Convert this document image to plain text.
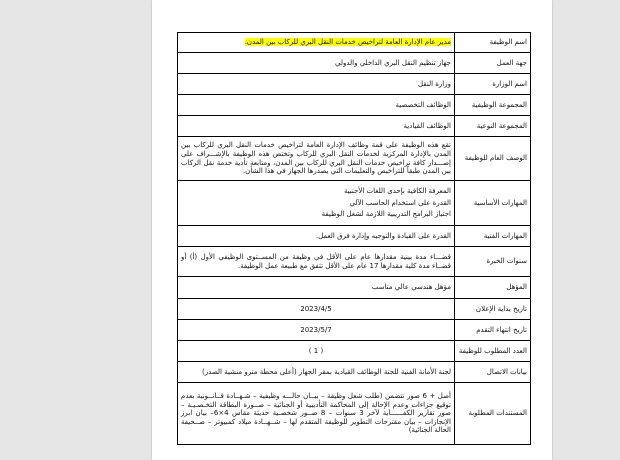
اسم الوظيفة	مدير عام الإدارة العامة لتراخيص خدمات النقل البري للركاب بين المدن.
جهة العمل	جهاز تنظيم النقل البري الداخلي والدولي
اسم الوزارة	وزارة النقل
المجموعة الوظيفية	الوظائف التخصصية
المجموعة النوعية	الوظائف القيادية
الوصف العام للوظيفة	تقع هذه الوظيفة على قمة وظائف الإدارة العامة لتراخيص خدمات النقل البري للركاب بين المدن بالإدارة المركزية لخدمات النقل البري للركاب وتختص هذه الوظيفة بالإشـــراف على إصـــدار كافة تراخيص خدمات النقل البري للركاب بين المدن، ومتابعة تأدية خدمة نقل الركاب بين المدن طبقاً للتراخيص والتعليمات التي يصدرها الجهاز في هذا الشأن.
المهارات الأساسية	المعرفة الكافية بإحدى اللغات الأجنبية
القدرة على استخدام الحاسب الآلي
اجتياز البرامج التدريبية اللازمة لشغل الوظيفة

المهارات الفنية	القدرة على القيادة والتوجيه وإدارة فرق العمل.
سنوات الخبرة	قضـــاء مدة بينية مقدارها عام على الأقل في وظيفة من المســتوى الوظيفي الأول (أ) أو قضــاء مدة كلية مقدارها 17 عام على الأقل تتفق مع طبيعة عمل الوظيفة.
المؤهل	مؤهل هندسي عالي مناسب
تاريخ بداية الإعلان	2023/4/5
تاريخ انتهاء التقدم	2023/5/7
العدد المطلوب للوظيفة	( 1 )
بيانات الاتصال	لجنة الأمانة الفنية للجنة الوظائف القيادية بمقر الجهاز (أعلى محطة مترو منشية الصدر)
المستندات المطلوبة	أصل + 6 صور تتضمن (طلب شغل وظيفة – بيــان حالـــه وظيفية – شـهــادة قــانــونية بعدم توقيع جزاءات وعدم الإحالة إلى المحاكمة التأديبية أو الجنائية – صــورة البطاقة التخـصـيـة – صور تقارير الكفــــــاية لآخر 3 سنوات – 8 صــور شخصـية حديثة مقاس 4×6– بيان ابرز الإنجازات – بيان مقترحات التطوير للوظيفة المتقدم لها – شــهــادة ميلاد كمبيوتر – صــحيفة الحالة الجنائية)
